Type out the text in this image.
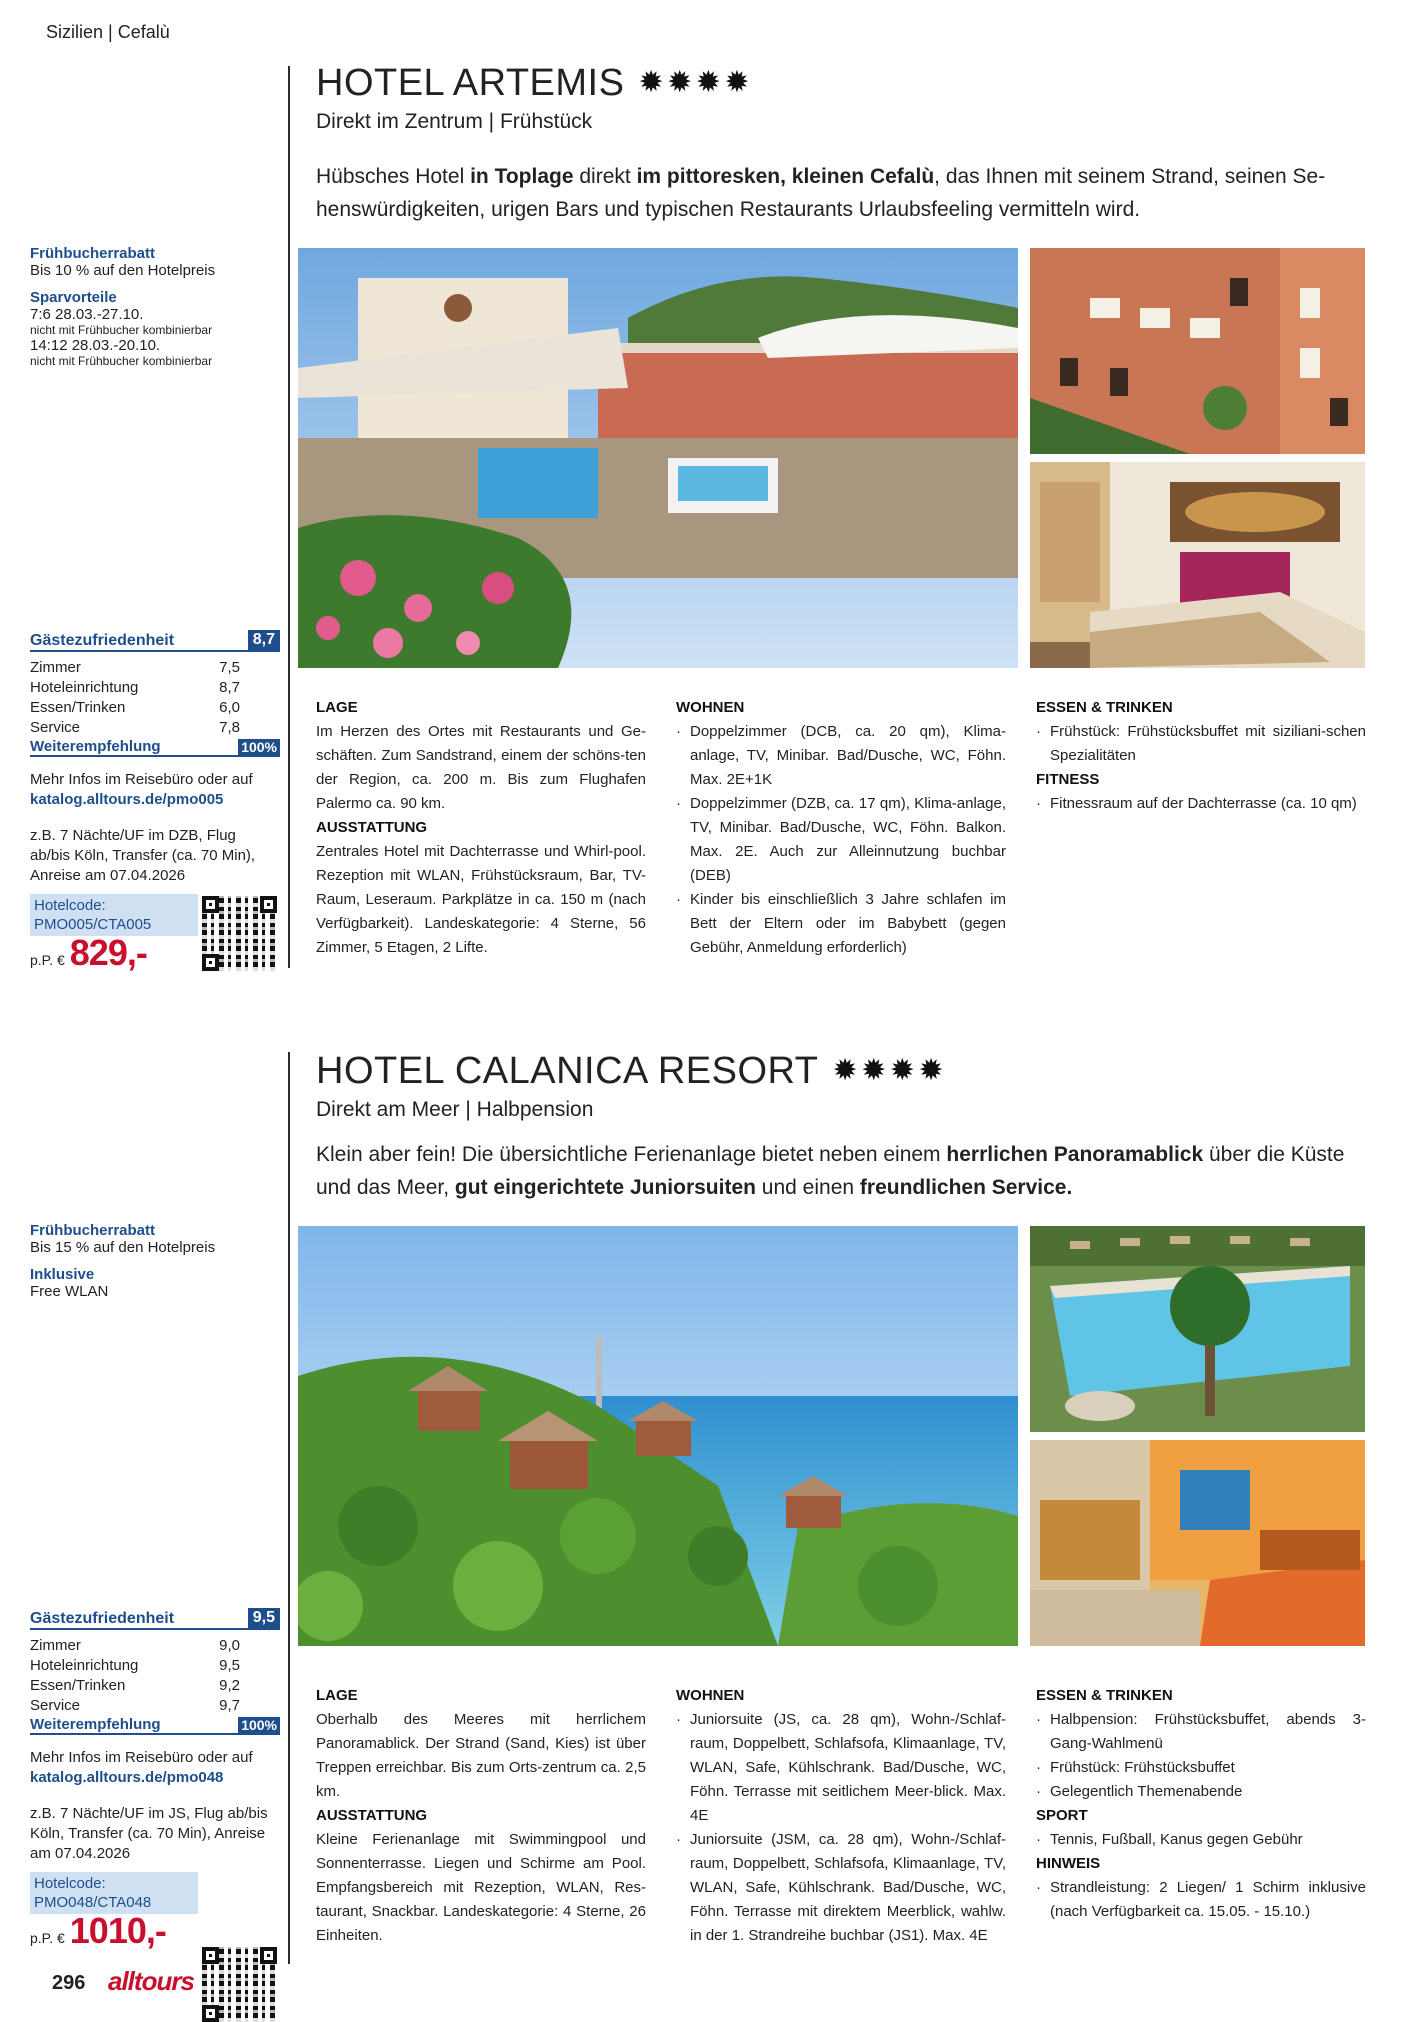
Sizilien | Cefalù
HOTEL ARTEMIS ✹ ✹ ✹ ✹
Direkt im Zentrum | Frühstück
Hübsches Hotel in Toplage direkt im pittoresken, kleinen Cefalù, das Ihnen mit seinem Strand, seinen Se-henswürdigkeiten, urigen Bars und typischen Restaurants Urlaubsfeeling vermitteln wird.
Frühbucherrabatt
Bis 10 % auf den Hotelpreis
Sparvorteile
7:6 28.03.-27.10.
nicht mit Frühbucher kombinierbar
14:12 28.03.-20.10.
nicht mit Frühbucher kombinierbar
Gästezufriedenheit	8,7
Zimmer	7,5
Hoteleinrichtung	8,7
Essen/Trinken	6,0
Service	7,8
Weiterempfehlung	100%
Mehr Infos im Reisebüro oder auf
katalog.alltours.de/pmo005
z.B. 7 Nächte/UF im DZB, Flug ab/bis Köln, Transfer (ca. 70 Min), Anreise am 07.04.2026
Hotelcode:
PMO005/CTA005
p.P. € 829,-
LAGE

Im Herzen des Ortes mit Restaurants und Ge-schäften. Zum Sandstrand, einem der schöns-ten der Region, ca. 200 m. Bis zum Flughafen Palermo ca. 90 km.

AUSSTATTUNG

Zentrales Hotel mit Dachterrasse und Whirl-pool. Rezeption mit WLAN, Frühstücksraum, Bar, TV-Raum, Leseraum. Parkplätze in ca. 150 m (nach Verfügbarkeit). Landeskategorie: 4 Sterne, 56 Zimmer, 5 Etagen, 2 Lifte.

WOHNEN
· Doppelzimmer (DCB, ca. 20 qm), Klima-anlage, TV, Minibar. Bad/Dusche, WC, Föhn. Max. 2E+1K
· Doppelzimmer (DZB, ca. 17 qm), Klima-anlage, TV, Minibar. Bad/Dusche, WC, Föhn. Balkon. Max. 2E. Auch zur Alleinnutzung buchbar (DEB)
· Kinder bis einschließlich 3 Jahre schlafen im Bett der Eltern oder im Babybett (gegen Gebühr, Anmeldung erforderlich)
ESSEN & TRINKEN
· Frühstück: Frühstücksbuffet mit siziliani-schen Spezialitäten
FITNESS
· Fitnessraum auf der Dachterrasse (ca. 10 qm)
HOTEL CALANICA RESORT ✹ ✹ ✹ ✹
Direkt am Meer | Halbpension
Klein aber fein! Die übersichtliche Ferienanlage bietet neben einem herrlichen Panoramablick über die Küste und das Meer, gut eingerichtete Juniorsuiten und einen freundlichen Service.
Frühbucherrabatt
Bis 15 % auf den Hotelpreis
Inklusive
Free WLAN
Gästezufriedenheit	9,5
Zimmer	9,0
Hoteleinrichtung	9,5
Essen/Trinken	9,2
Service	9,7
Weiterempfehlung	100%
Mehr Infos im Reisebüro oder auf
katalog.alltours.de/pmo048
z.B. 7 Nächte/UF im JS, Flug ab/bis Köln, Transfer (ca. 70 Min), Anreise am 07.04.2026
Hotelcode:
PMO048/CTA048
p.P. € 1010,-
LAGE

Oberhalb des Meeres mit herrlichem Panoramablick. Der Strand (Sand, Kies) ist über Treppen erreichbar. Bis zum Orts-zentrum ca. 2,5 km.

AUSSTATTUNG

Kleine Ferienanlage mit Swimmingpool und Sonnenterrasse. Liegen und Schirme am Pool. Empfangsbereich mit Rezeption, WLAN, Res-taurant, Snackbar. Landeskategorie: 4 Sterne, 26 Einheiten.

WOHNEN
· Juniorsuite (JS, ca. 28 qm), Wohn-/Schlaf-raum, Doppelbett, Schlafsofa, Klimaanlage, TV, WLAN, Safe, Kühlschrank. Bad/Dusche, WC, Föhn. Terrasse mit seitlichem Meer-blick. Max. 4E
· Juniorsuite (JSM, ca. 28 qm), Wohn-/Schlaf-raum, Doppelbett, Schlafsofa, Klimaanlage, TV, WLAN, Safe, Kühlschrank. Bad/Dusche, WC, Föhn. Terrasse mit direktem Meerblick, wahlw. in der 1. Strandreihe buchbar (JS1). Max. 4E
ESSEN & TRINKEN
· Halbpension: Frühstücksbuffet, abends 3-Gang-Wahlmenü
· Frühstück: Frühstücksbuffet
· Gelegentlich Themenabende
SPORT
· Tennis, Fußball, Kanus gegen Gebühr
HINWEIS
· Strandleistung: 2 Liegen/ 1 Schirm inklusive (nach Verfügbarkeit ca. 15.05. - 15.10.)
296 alltours
